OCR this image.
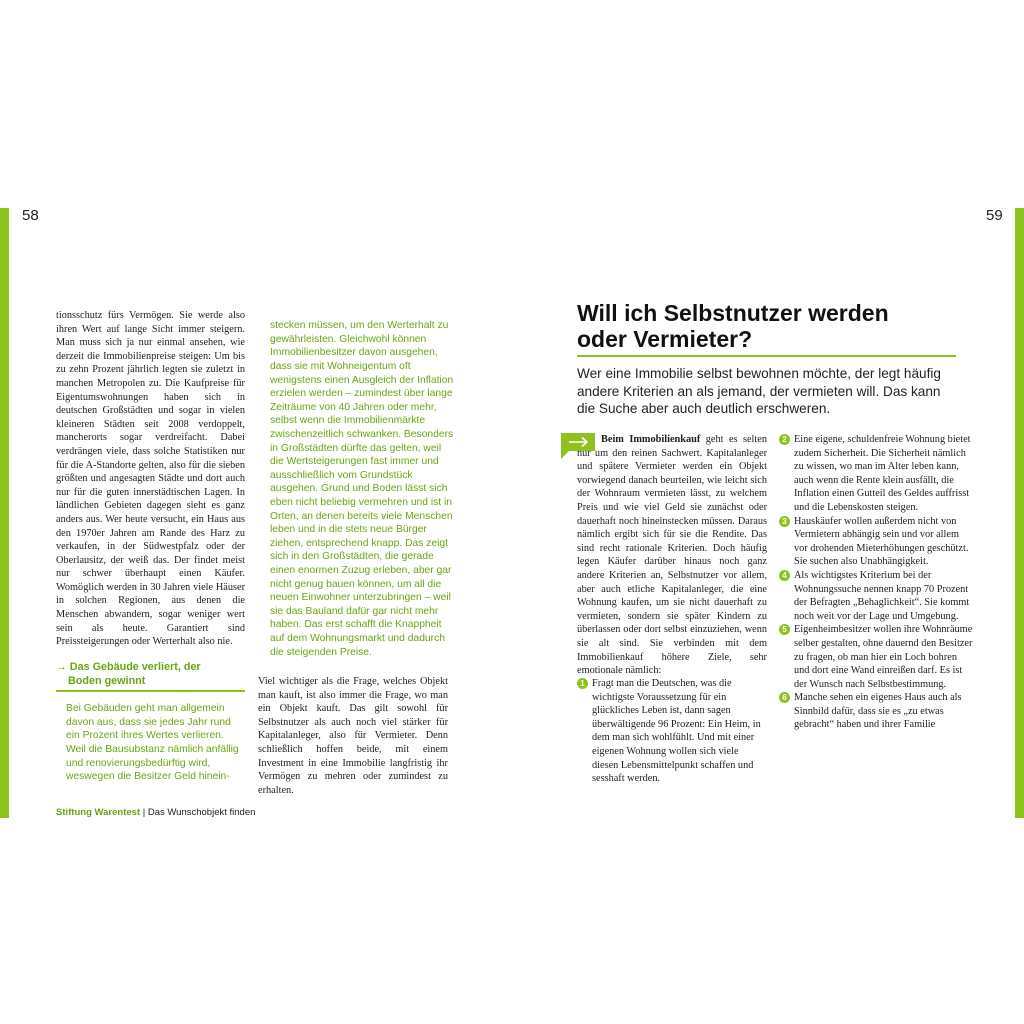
58

tionsschutz fürs Vermögen. Sie werde also ihren Wert auf lange Sicht immer steigern. Man muss sich ja nur einmal ansehen, wie derzeit die Immobilienpreise steigen: Um bis zu zehn Prozent jährlich legten sie zuletzt in manchen Metropolen zu. Die Kaufpreise für Eigentumswohnungen haben sich in deutschen Großstädten und sogar in vielen kleineren Städten seit 2008 verdoppelt, mancherorts sogar verdreifacht. Dabei verdrängen viele, dass solche Statistiken nur für die A-Standorte gelten, also für die sieben größten und angesagten Städte und dort auch nur für die guten innerstädtischen Lagen. In ländlichen Gebieten dagegen sieht es ganz anders aus. Wer heute versucht, ein Haus aus den 1970er Jahren am Rande des Harz zu verkaufen, in der Südwestpfalz oder der Oberlausitz, der weiß das. Der findet meist nur schwer überhaupt einen Käufer. Womöglich werden in 30 Jahren viele Häuser in solchen Regionen, aus denen die Menschen abwandern, sogar weniger wert sein als heute. Garantiert sind Preissteigerungen oder Werterhalt also nie.

→ Das Gebäude verliert, der
Boden gewinnt

Bei Gebäuden geht man allgemein davon aus, dass sie jedes Jahr rund ein Prozent ihres Wertes verlieren. Weil die Bausubstanz nämlich anfällig und renovierungsbedürftig wird, weswegen die Besitzer Geld hinein-

stecken müssen, um den Werterhalt zu gewährleisten. Gleichwohl können Immobilienbesitzer davon ausgehen, dass sie mit Wohneigentum oft wenigstens einen Ausgleich der Inflation erzielen werden – zumindest über lange Zeiträume von 40 Jahren oder mehr, selbst wenn die Immobilienmärkte zwischenzeitlich schwanken. Besonders in Großstädten dürfte das gelten, weil die Wertsteigerungen fast immer und ausschließlich vom Grundstück ausgehen. Grund und Boden lässt sich eben nicht beliebig vermehren und ist in Orten, an denen bereits viele Menschen leben und in die stets neue Bürger ziehen, entsprechend knapp. Das zeigt sich in den Großstädten, die gerade einen enormen Zuzug erleben, aber gar nicht genug bauen können, um all die neuen Einwohner unterzubringen – weil sie das Bauland dafür gar nicht mehr haben. Das erst schafft die Knappheit auf dem Wohnungsmarkt und dadurch die steigenden Preise.

Viel wichtiger als die Frage, welches Objekt man kauft, ist also immer die Frage, wo man ein Objekt kauft. Das gilt sowohl für Selbstnutzer als auch noch viel stärker für Kapitalanleger, also für Vermieter. Denn schließlich hoffen beide, mit einem Investment in eine Immobilie langfristig ihr Vermögen zu mehren oder zumindest zu erhalten.

Stiftung Warentest | Das Wunschobjekt finden
59
Will ich Selbstnutzer werden
oder Vermieter?

Wer eine Immobilie selbst bewohnen möchte, der legt häufig andere Kriterien an als jemand, der vermieten will. Das kann die Suche aber auch deutlich erschweren.

Beim Immobilienkauf geht es selten nur um den reinen Sachwert. Kapitalanleger und spätere Vermieter werden ein Objekt vorwiegend danach beurteilen, wie leicht sich der Wohnraum vermieten lässt, zu welchem Preis und wie viel Geld sie zunächst oder dauerhaft noch hineinstecken müssen. Daraus nämlich ergibt sich für sie die Rendite. Das sind recht rationale Kriterien. Doch häufig legen Käufer darüber hinaus noch ganz andere Kriterien an, Selbstnutzer vor allem, aber auch etliche Kapitalanleger, die eine Wohnung kaufen, um sie nicht dauerhaft zu vermieten, sondern sie später Kindern zu überlassen oder dort selbst einzuziehen, wenn sie alt sind. Sie verbinden mit dem Immobilienkauf höhere Ziele, sehr emotionale nämlich:

1 Fragt man die Deutschen, was die wichtigste Voraussetzung für ein glückliches Leben ist, dann sagen überwältigende 96 Prozent: Ein Heim, in dem man sich wohlfühlt. Und mit einer eigenen Wohnung wollen sich viele diesen Lebensmittelpunkt schaffen und sesshaft werden.
2 Eine eigene, schuldenfreie Wohnung bietet zudem Sicherheit. Die Sicherheit nämlich zu wissen, wo man im Alter leben kann, auch wenn die Rente klein ausfällt, die Inflation einen Gutteil des Geldes auffrisst und die Lebenskosten steigen.
3 Hauskäufer wollen außerdem nicht von Vermietern abhängig sein und vor allem vor drohenden Mieterhöhungen geschützt. Sie suchen also Unabhängigkeit.
4 Als wichtigstes Kriterium bei der Wohnungssuche nennen knapp 70 Prozent der Befragten „Behaglichkeit“. Sie kommt noch weit vor der Lage und Umgebung.
5 Eigenheimbesitzer wollen ihre Wohnräume selber gestalten, ohne dauernd den Besitzer zu fragen, ob man hier ein Loch bohren und dort eine Wand einreißen darf. Es ist der Wunsch nach Selbstbestimmung.
6 Manche sehen ein eigenes Haus auch als Sinnbild dafür, dass sie es „zu etwas gebracht“ haben und ihrer Familie
